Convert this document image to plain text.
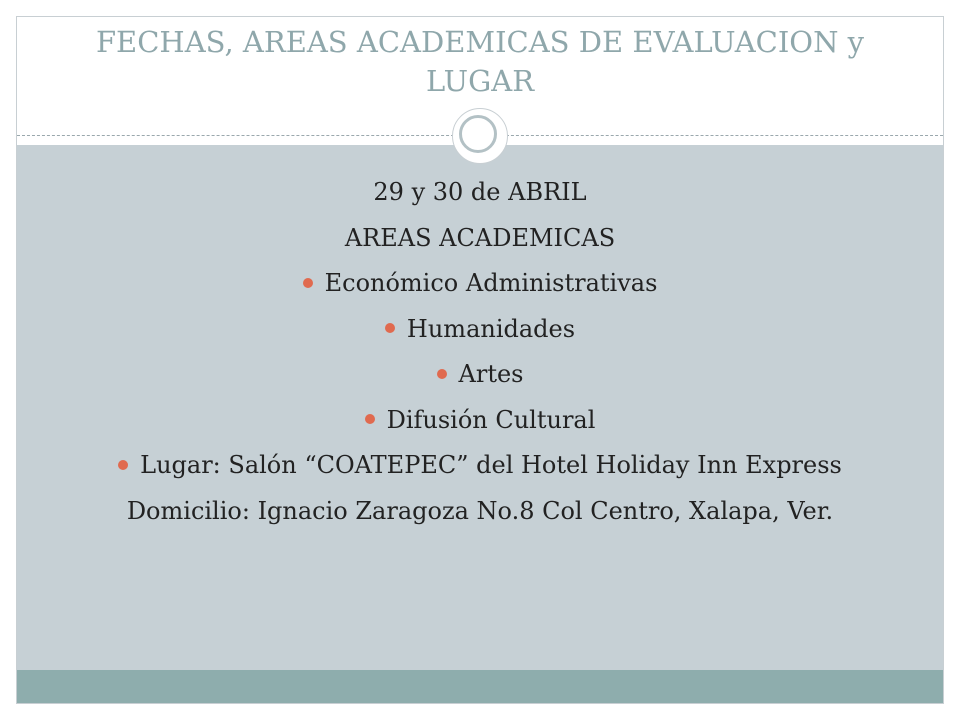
FECHAS, AREAS ACADEMICAS DE EVALUACION y
LUGAR
29 y 30 de ABRIL
AREAS ACADEMICAS
Económico Administrativas
Humanidades
Artes
Difusión Cultural
Lugar: Salón “COATEPEC” del Hotel Holiday Inn Express
Domicilio: Ignacio Zaragoza No.8 Col Centro, Xalapa, Ver.
